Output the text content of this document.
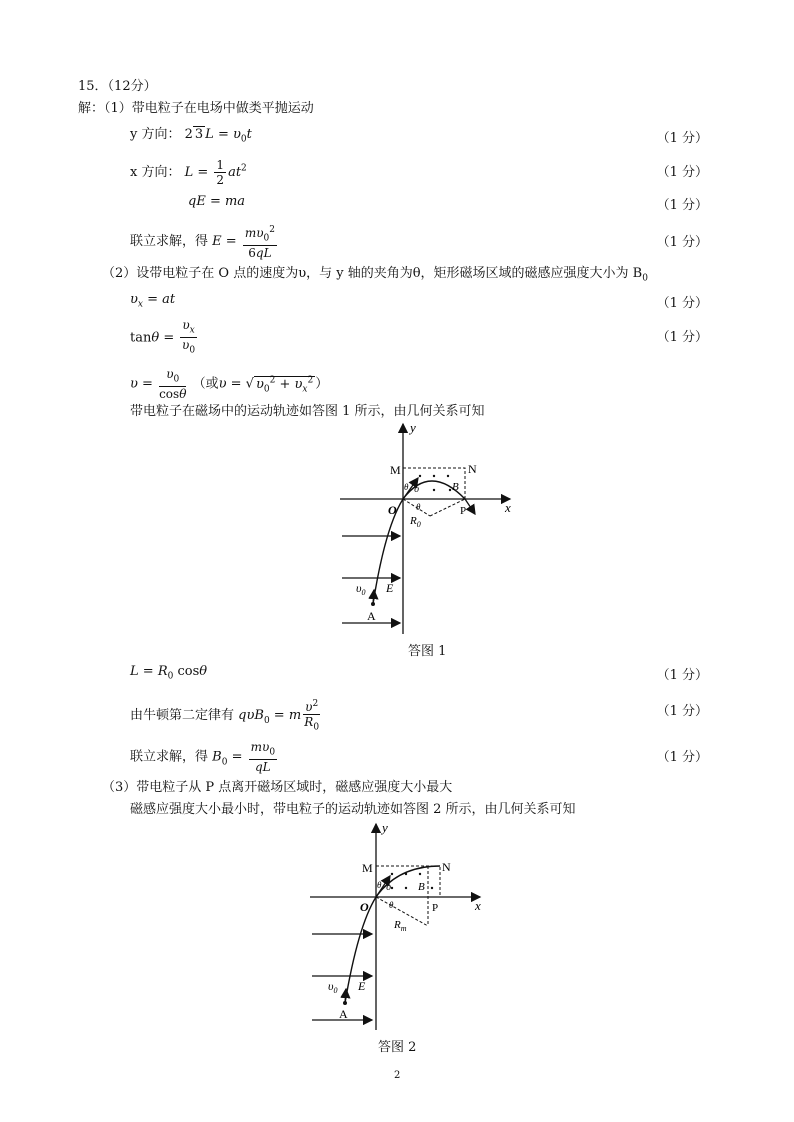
15．（12分）
解：（1）带电粒子在电场中做类平抛运动
y 方向： 2 3 $L = \upsilon_0t$	（1 分）
x 方向： $L = \frac{1}{2} at^2$	（1 分）
qE = ma	（1 分）
联立求解，得 $E = \frac{m\upsilon_0^2}{6qL}$	（1 分）
（2）设带电粒子在 O 点的速度为υ，与 y 轴的夹角为θ，矩形磁场区域的磁感应强度大小为 $B_0$
$\upsilon_x$ = at	（1 分）
$\tan\theta = \frac{\upsilon_x}{\upsilon_0}$	（1 分）
$\upsilon = \frac{\upsilon_0}{\cos\theta}$ （或υ = √ $\upsilon_0^2 + \upsilon_x^2$ ）
带电粒子在磁场中的运动轨迹如答图 1 所示，由几何关系可知
y
x
M	N
O	P
B
E
A
$\upsilon_0$
υ
θ
θ
$R_0$
答图 1
$L = R_0$ cosθ	（1 分）
由牛顿第二定律有 qυB$_0$ = m $\frac{\upsilon^2}{R_0}$	（1 分）
联立求解，得 $B_0 = \frac{m\upsilon_0}{qL}$	（1 分）
（3）带电粒子从 P 点离开磁场区域时，磁感应强度大小最大
磁感应强度大小最小时，带电粒子的运动轨迹如答图 2 所示，由几何关系可知
y
x
M	N
O	P
B
E
A
$\upsilon_0$
υ
θ
θ
$R_m$
答图 2
2
